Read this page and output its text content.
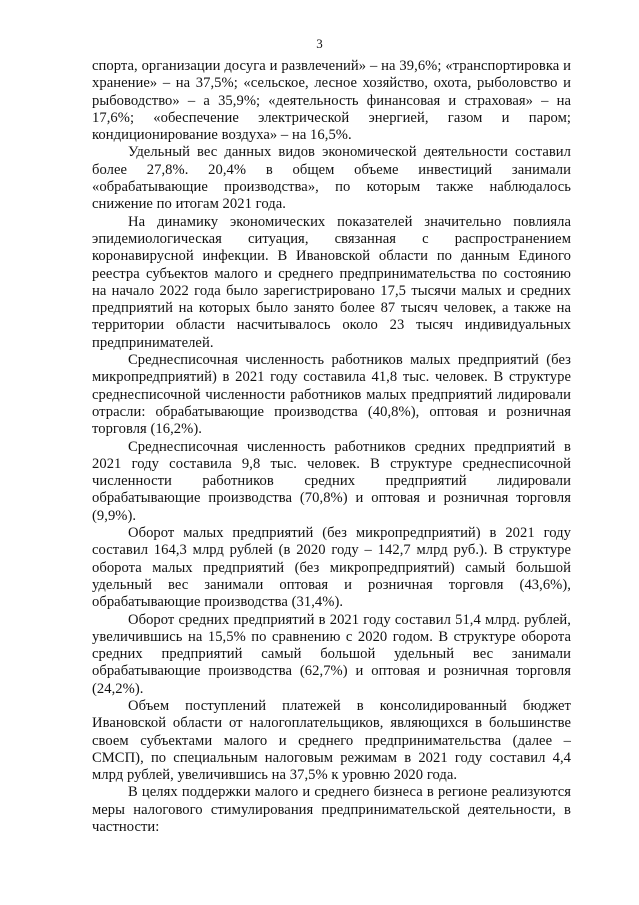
3

спорта, организации досуга и развлечений» – на 39,6%; «транспортировка и хранение» – на 37,5%; «сельское, лесное хозяйство, охота, рыболовство и рыбоводство» – а 35,9%; «деятельность финансовая и страховая» – на 17,6%; «обеспечение электрической энергией, газом и паром; кондиционирование воздуха» – на 16,5%.

Удельный вес данных видов экономической деятельности составил более 27,8%. 20,4% в общем объеме инвестиций занимали «обрабатывающие производства», по которым также наблюдалось снижение по итогам 2021 года.

На динамику экономических показателей значительно повлияла эпидемиологическая ситуация, связанная с распространением коронавирусной инфекции. В Ивановской области по данным Единого реестра субъектов малого и среднего предпринимательства по состоянию на начало 2022 года было зарегистрировано 17,5 тысячи малых и средних предприятий на которых было занято более 87 тысяч человек, а также на территории области насчитывалось около 23 тысяч индивидуальных предпринимателей.

Среднесписочная численность работников малых предприятий (без микропредприятий) в 2021 году составила 41,8 тыс. человек. В структуре среднесписочной численности работников малых предприятий лидировали отрасли: обрабатывающие производства (40,8%), оптовая и розничная торговля (16,2%).

Среднесписочная численность работников средних предприятий в 2021 году составила 9,8 тыс. человек. В структуре среднесписочной численности работников средних предприятий лидировали обрабатывающие производства (70,8%) и оптовая и розничная торговля (9,9%).

Оборот малых предприятий (без микропредприятий) в 2021 году составил 164,3 млрд рублей (в 2020 году – 142,7 млрд руб.). В структуре оборота малых предприятий (без микропредприятий) самый большой удельный вес занимали оптовая и розничная торговля (43,6%), обрабатывающие производства (31,4%).

Оборот средних предприятий в 2021 году составил 51,4 млрд. рублей, увеличившись на 15,5% по сравнению с 2020 годом. В структуре оборота средних предприятий самый большой удельный вес занимали обрабатывающие производства (62,7%) и оптовая и розничная торговля (24,2%).

Объем поступлений платежей в консолидированный бюджет Ивановской области от налогоплательщиков, являющихся в большинстве своем субъектами малого и среднего предпринимательства (далее – СМСП), по специальным налоговым режимам в 2021 году составил 4,4 млрд рублей, увеличившись на 37,5% к уровню 2020 года.

В целях поддержки малого и среднего бизнеса в регионе реализуются меры налогового стимулирования предпринимательской деятельности, в частности:
